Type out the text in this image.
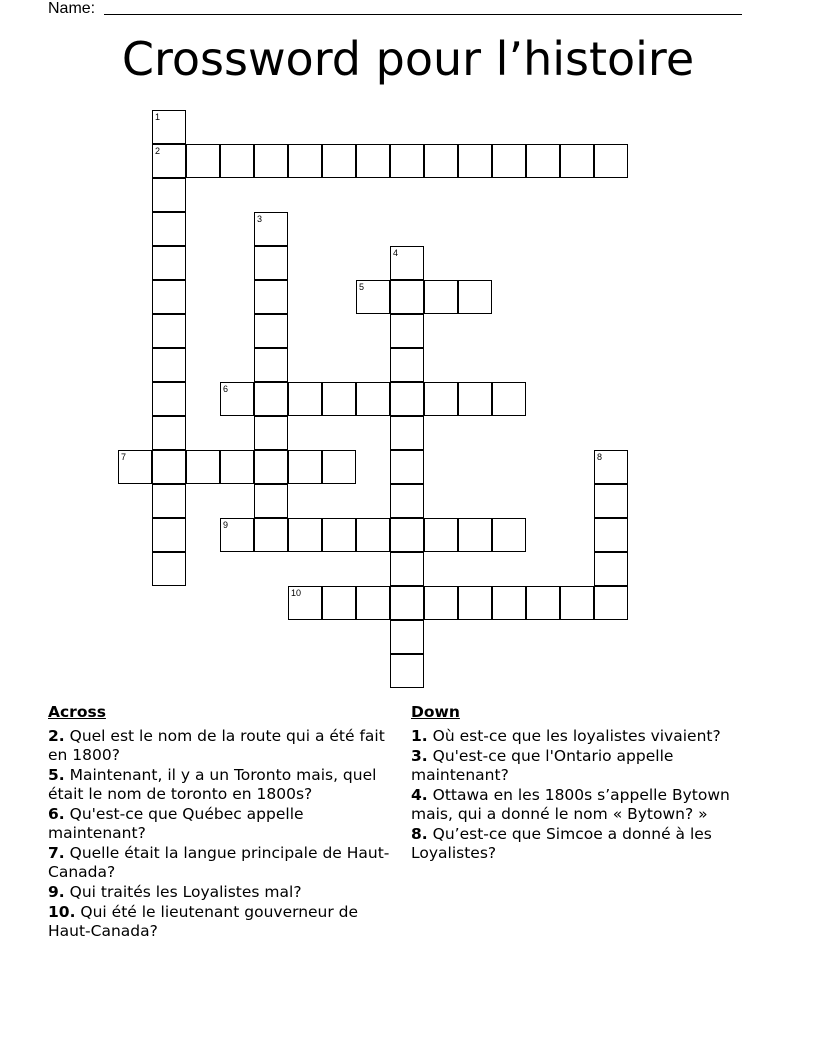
Name:
Crossword pour l’histoire
1
2
3
4
5
6
7	8
9
10
Across
2. Quel est le nom de la route qui a été fait en 1800?
5. Maintenant, il y a un Toronto mais, quel était le nom de toronto en 1800s?
6. Qu'est-ce que Québec appelle maintenant?
7. Quelle était la langue principale de Haut-Canada?
9. Qui traités les Loyalistes mal?
10. Qui été le lieutenant gouverneur de Haut-Canada?
Down
1. Où est-ce que les loyalistes vivaient?
3. Qu'est-ce que l'Ontario appelle maintenant?
4. Ottawa en les 1800s s’appelle Bytown mais, qui a donné le nom « Bytown? »
8. Qu’est-ce que Simcoe a donné à les Loyalistes?
